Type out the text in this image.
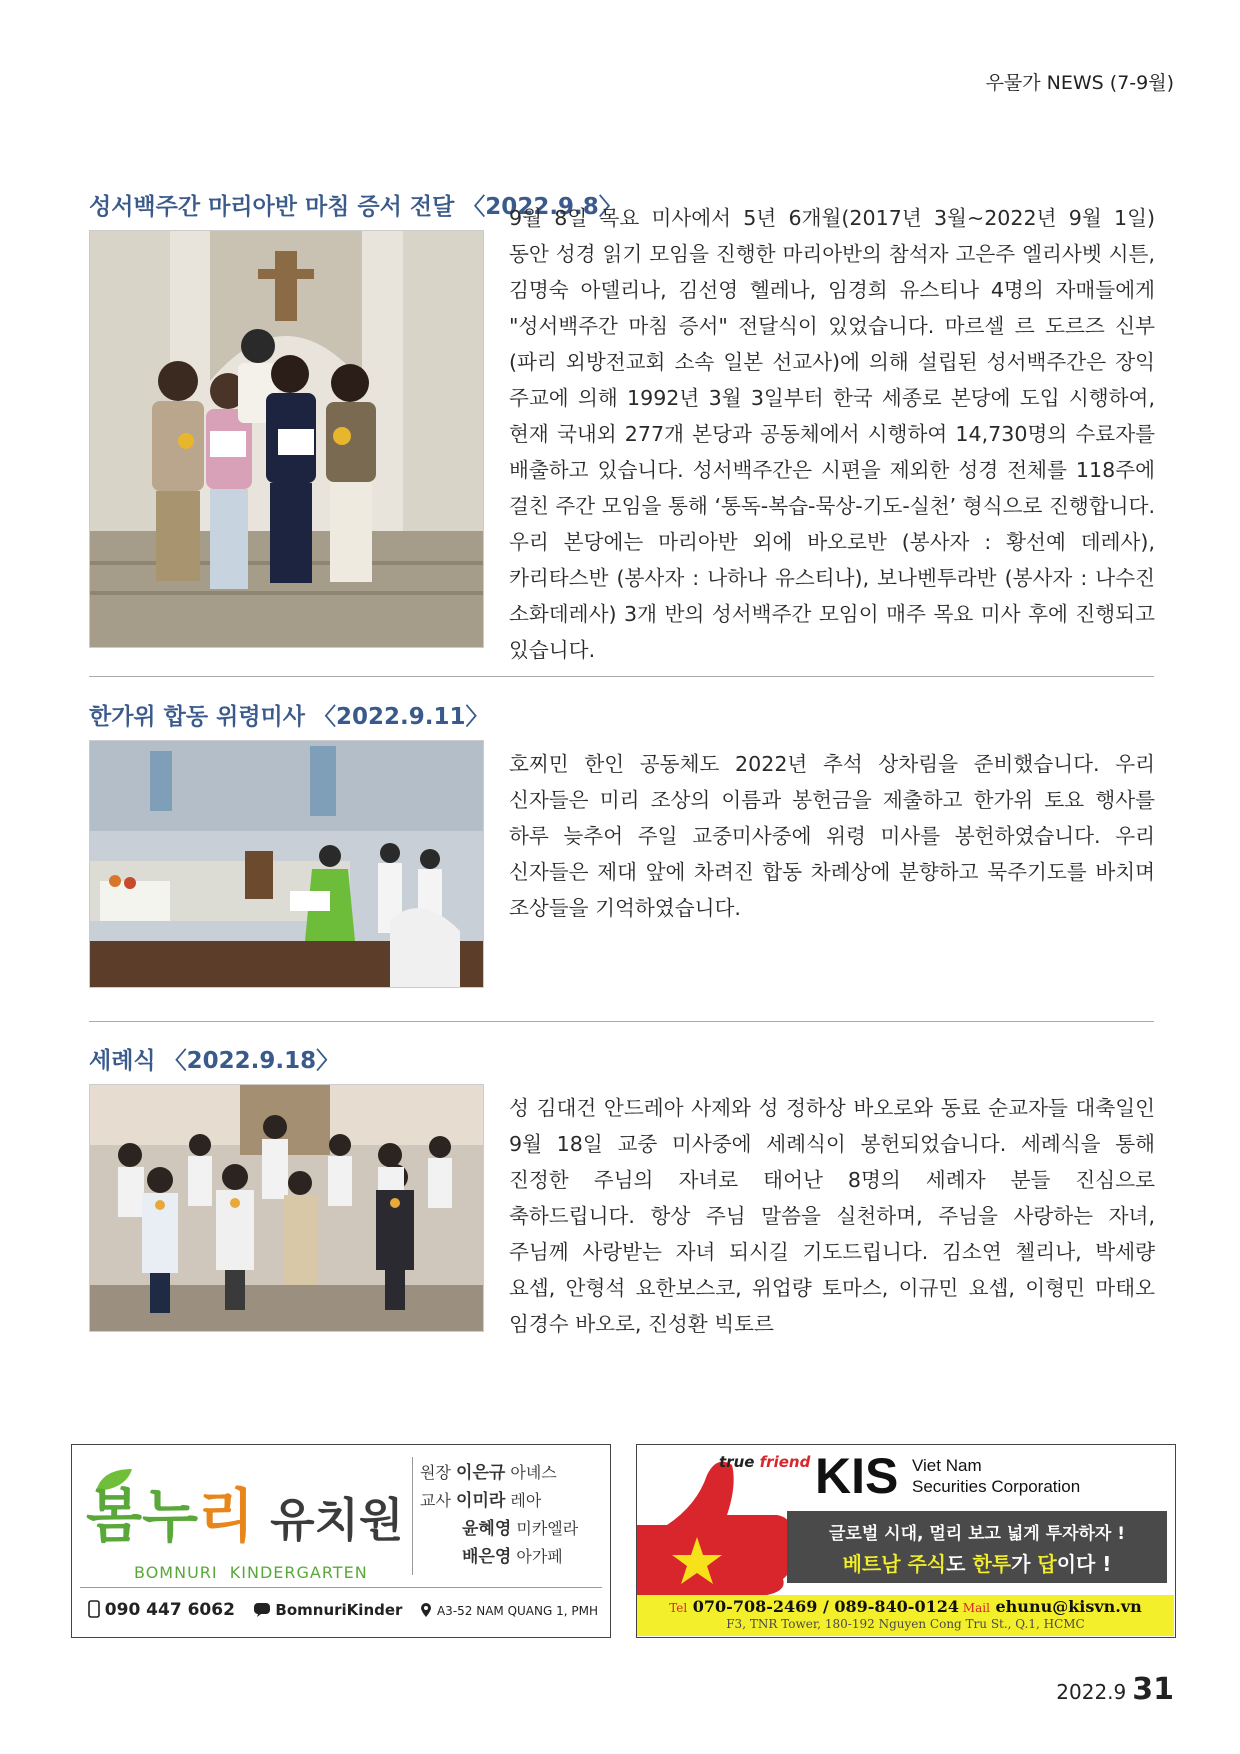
우물가 NEWS (7-9월)
성서백주간 마리아반 마침 증서 전달 〈2022.9.8〉
9월 8일 목요 미사에서 5년 6개월(2017년 3월~2022년 9월 1일) 동안 성경 읽기 모임을 진행한 마리아반의 참석자 고은주 엘리사벳 시튼, 김명숙 아델리나, 김선영 헬레나, 임경희 유스티나 4명의 자매들에게 "성서백주간 마침 증서" 전달식이 있었습니다. 마르셀 르 도르즈 신부(파리 외방전교회 소속 일본 선교사)에 의해 설립된 성서백주간은 장익 주교에 의해 1992년 3월 3일부터 한국 세종로 본당에 도입 시행하여, 현재 국내외 277개 본당과 공동체에서 시행하여 14,730명의 수료자를 배출하고 있습니다. 성서백주간은 시편을 제외한 성경 전체를 118주에 걸친 주간 모임을 통해 ‘통독-복습-묵상-기도-실천’ 형식으로 진행합니다. 우리 본당에는 마리아반 외에 바오로반 (봉사자 : 황선예 데레사), 카리타스반 (봉사자 : 나하나 유스티나), 보나벤투라반 (봉사자 : 나수진 소화데레사) 3개 반의 성서백주간 모임이 매주 목요 미사 후에 진행되고 있습니다.
한가위 합동 위령미사 〈2022.9.11〉
호찌민 한인 공동체도 2022년 추석 상차림을 준비했습니다. 우리 신자들은 미리 조상의 이름과 봉헌금을 제출하고 한가위 토요 행사를 하루 늦추어 주일 교중미사중에 위령 미사를 봉헌하였습니다. 우리 신자들은 제대 앞에 차려진 합동 차례상에 분향하고 묵주기도를 바치며 조상들을 기억하였습니다.
세례식 〈2022.9.18〉
성 김대건 안드레아 사제와 성 정하상 바오로와 동료 순교자들 대축일인 9월 18일 교중 미사중에 세례식이 봉헌되었습니다. 세례식을 통해 진정한 주님의 자녀로 태어난 8명의 세례자 분들 진심으로 축하드립니다. 항상 주님 말씀을 실천하며, 주님을 사랑하는 자녀, 주님께 사랑받는 자녀 되시길 기도드립니다. 김소연 첼리나, 박세량 요셉, 안형석 요한보스코, 위업량 토마스, 이규민 요셉, 이형민 마태오 임경수 바오로, 진성환 빅토르
봄누리 유치원
BOMNURI  KINDERGARTEN
원장 이은규 아녜스
교사 이미라 레아
윤혜영 미카엘라
배은영 아가페
090 447 6062	BomnuriKinder	A3-52 NAM QUANG 1, PMH
true friend KIS Viet Nam
Securities Corporation
글로벌 시대, 멀리 보고 넓게 투자하자 !
베트남 주식도 한투가 답이다 !
Tel 070-708-2469 / 089-840-0124 Mail ehunu@kisvn.vn
F3, TNR Tower, 180-192 Nguyen Cong Tru St., Q.1, HCMC
2022.9 31
